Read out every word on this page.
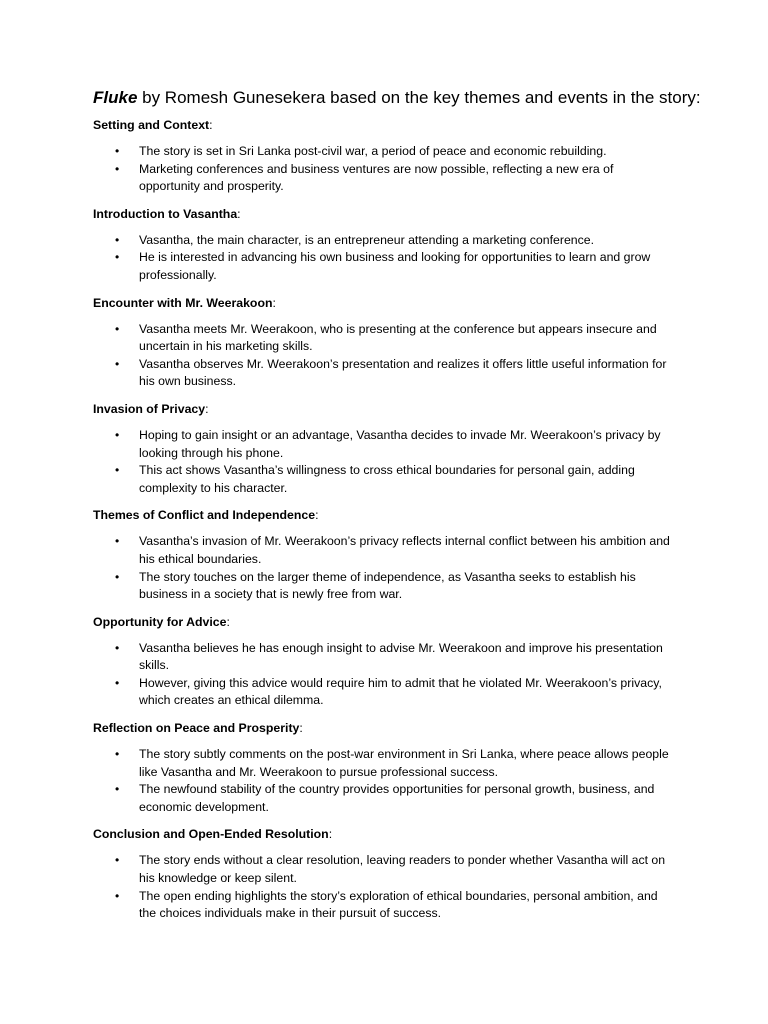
Fluke by Romesh Gunesekera based on the key themes and events in the story:

Setting and Context:

• The story is set in Sri Lanka post-civil war, a period of peace and economic rebuilding.
• Marketing conferences and business ventures are now possible, reflecting a new era of opportunity and prosperity.

Introduction to Vasantha:

• Vasantha, the main character, is an entrepreneur attending a marketing conference.
• He is interested in advancing his own business and looking for opportunities to learn and grow professionally.

Encounter with Mr. Weerakoon:

• Vasantha meets Mr. Weerakoon, who is presenting at the conference but appears insecure and uncertain in his marketing skills.
• Vasantha observes Mr. Weerakoon’s presentation and realizes it offers little useful information for his own business.

Invasion of Privacy:

• Hoping to gain insight or an advantage, Vasantha decides to invade Mr. Weerakoon’s privacy by looking through his phone.
• This act shows Vasantha’s willingness to cross ethical boundaries for personal gain, adding complexity to his character.

Themes of Conflict and Independence:

• Vasantha’s invasion of Mr. Weerakoon’s privacy reflects internal conflict between his ambition and his ethical boundaries.
• The story touches on the larger theme of independence, as Vasantha seeks to establish his business in a society that is newly free from war.

Opportunity for Advice:

• Vasantha believes he has enough insight to advise Mr. Weerakoon and improve his presentation skills.
• However, giving this advice would require him to admit that he violated Mr. Weerakoon’s privacy, which creates an ethical dilemma.

Reflection on Peace and Prosperity:

• The story subtly comments on the post-war environment in Sri Lanka, where peace allows people like Vasantha and Mr. Weerakoon to pursue professional success.
• The newfound stability of the country provides opportunities for personal growth, business, and economic development.

Conclusion and Open-Ended Resolution:

• The story ends without a clear resolution, leaving readers to ponder whether Vasantha will act on his knowledge or keep silent.
• The open ending highlights the story’s exploration of ethical boundaries, personal ambition, and the choices individuals make in their pursuit of success.
